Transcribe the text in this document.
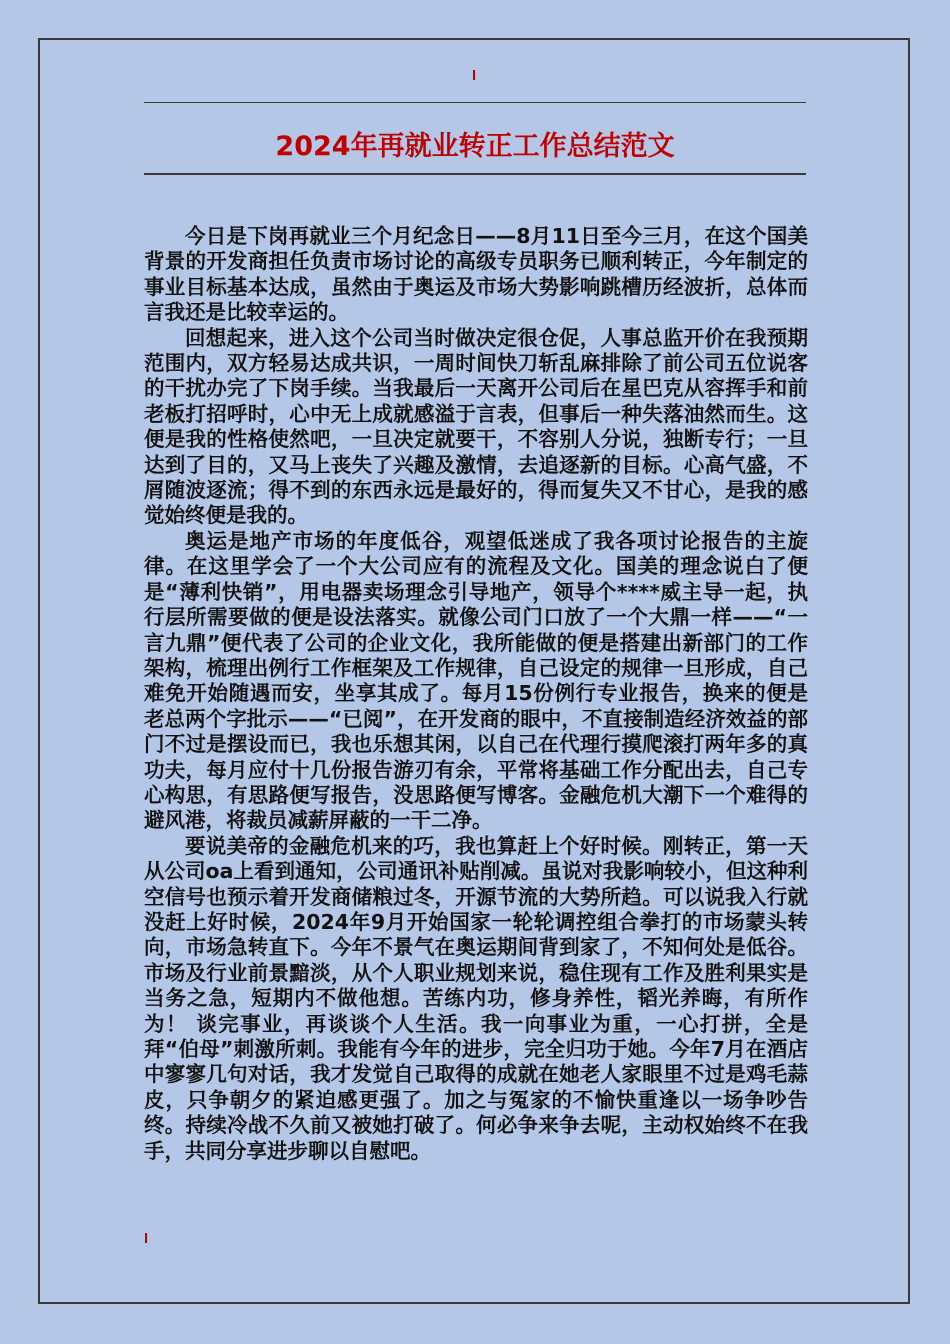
2024年再就业转正工作总结范文

今日是下岗再就业三个月纪念日——8月11日至今三月，在这个国美背景的开发商担任负责市场讨论的高级专员职务已顺利转正，今年制定的事业目标基本达成，虽然由于奥运及市场大势影响跳槽历经波折，总体而言我还是比较幸运的。

回想起来，进入这个公司当时做决定很仓促，人事总监开价在我预期范围内，双方轻易达成共识，一周时间快刀斩乱麻排除了前公司五位说客的干扰办完了下岗手续。当我最后一天离开公司后在星巴克从容挥手和前老板打招呼时，心中无上成就感溢于言表，但事后一种失落油然而生。这便是我的性格使然吧，一旦决定就要干，不容别人分说，独断专行；一旦达到了目的，又马上丧失了兴趣及激情，去追逐新的目标。心高气盛，不屑随波逐流；得不到的东西永远是最好的，得而复失又不甘心，是我的感觉始终便是我的。

奥运是地产市场的年度低谷，观望低迷成了我各项讨论报告的主旋律。在这里学会了一个大公司应有的流程及文化。国美的理念说白了便是“薄利快销”，用电器卖场理念引导地产，领导个****威主导一起，执行层所需要做的便是设法落实。就像公司门口放了一个大鼎一样——“一言九鼎”便代表了公司的企业文化，我所能做的便是搭建出新部门的工作架构，梳理出例行工作框架及工作规律，自己设定的规律一旦形成，自己难免开始随遇而安，坐享其成了。每月15份例行专业报告，换来的便是老总两个字批示——“已阅”，在开发商的眼中，不直接制造经济效益的部门不过是摆设而已，我也乐想其闲，以自己在代理行摸爬滚打两年多的真功夫，每月应付十几份报告游刃有余，平常将基础工作分配出去，自己专心构思，有思路便写报告，没思路便写博客。金融危机大潮下一个难得的避风港，将裁员减薪屏蔽的一干二净。

要说美帝的金融危机来的巧，我也算赶上个好时候。刚转正，第一天从公司oa上看到通知，公司通讯补贴削减。虽说对我影响较小，但这种利空信号也预示着开发商储粮过冬，开源节流的大势所趋。可以说我入行就没赶上好时候，2024年9月开始国家一轮轮调控组合拳打的市场蒙头转向，市场急转直下。今年不景气在奥运期间背到家了，不知何处是低谷。市场及行业前景黯淡，从个人职业规划来说，稳住现有工作及胜利果实是当务之急，短期内不做他想。苦练内功，修身养性，韬光养晦，有所作为！ 谈完事业，再谈谈个人生活。我一向事业为重，一心打拼，全是拜“伯母”刺激所刺。我能有今年的进步，完全归功于她。今年7月在酒店中寥寥几句对话，我才发觉自己取得的成就在她老人家眼里不过是鸡毛蒜皮，只争朝夕的紧迫感更强了。加之与冤家的不愉快重逢以一场争吵告终。持续冷战不久前又被她打破了。何必争来争去呢，主动权始终不在我手，共同分享进步聊以自慰吧。
